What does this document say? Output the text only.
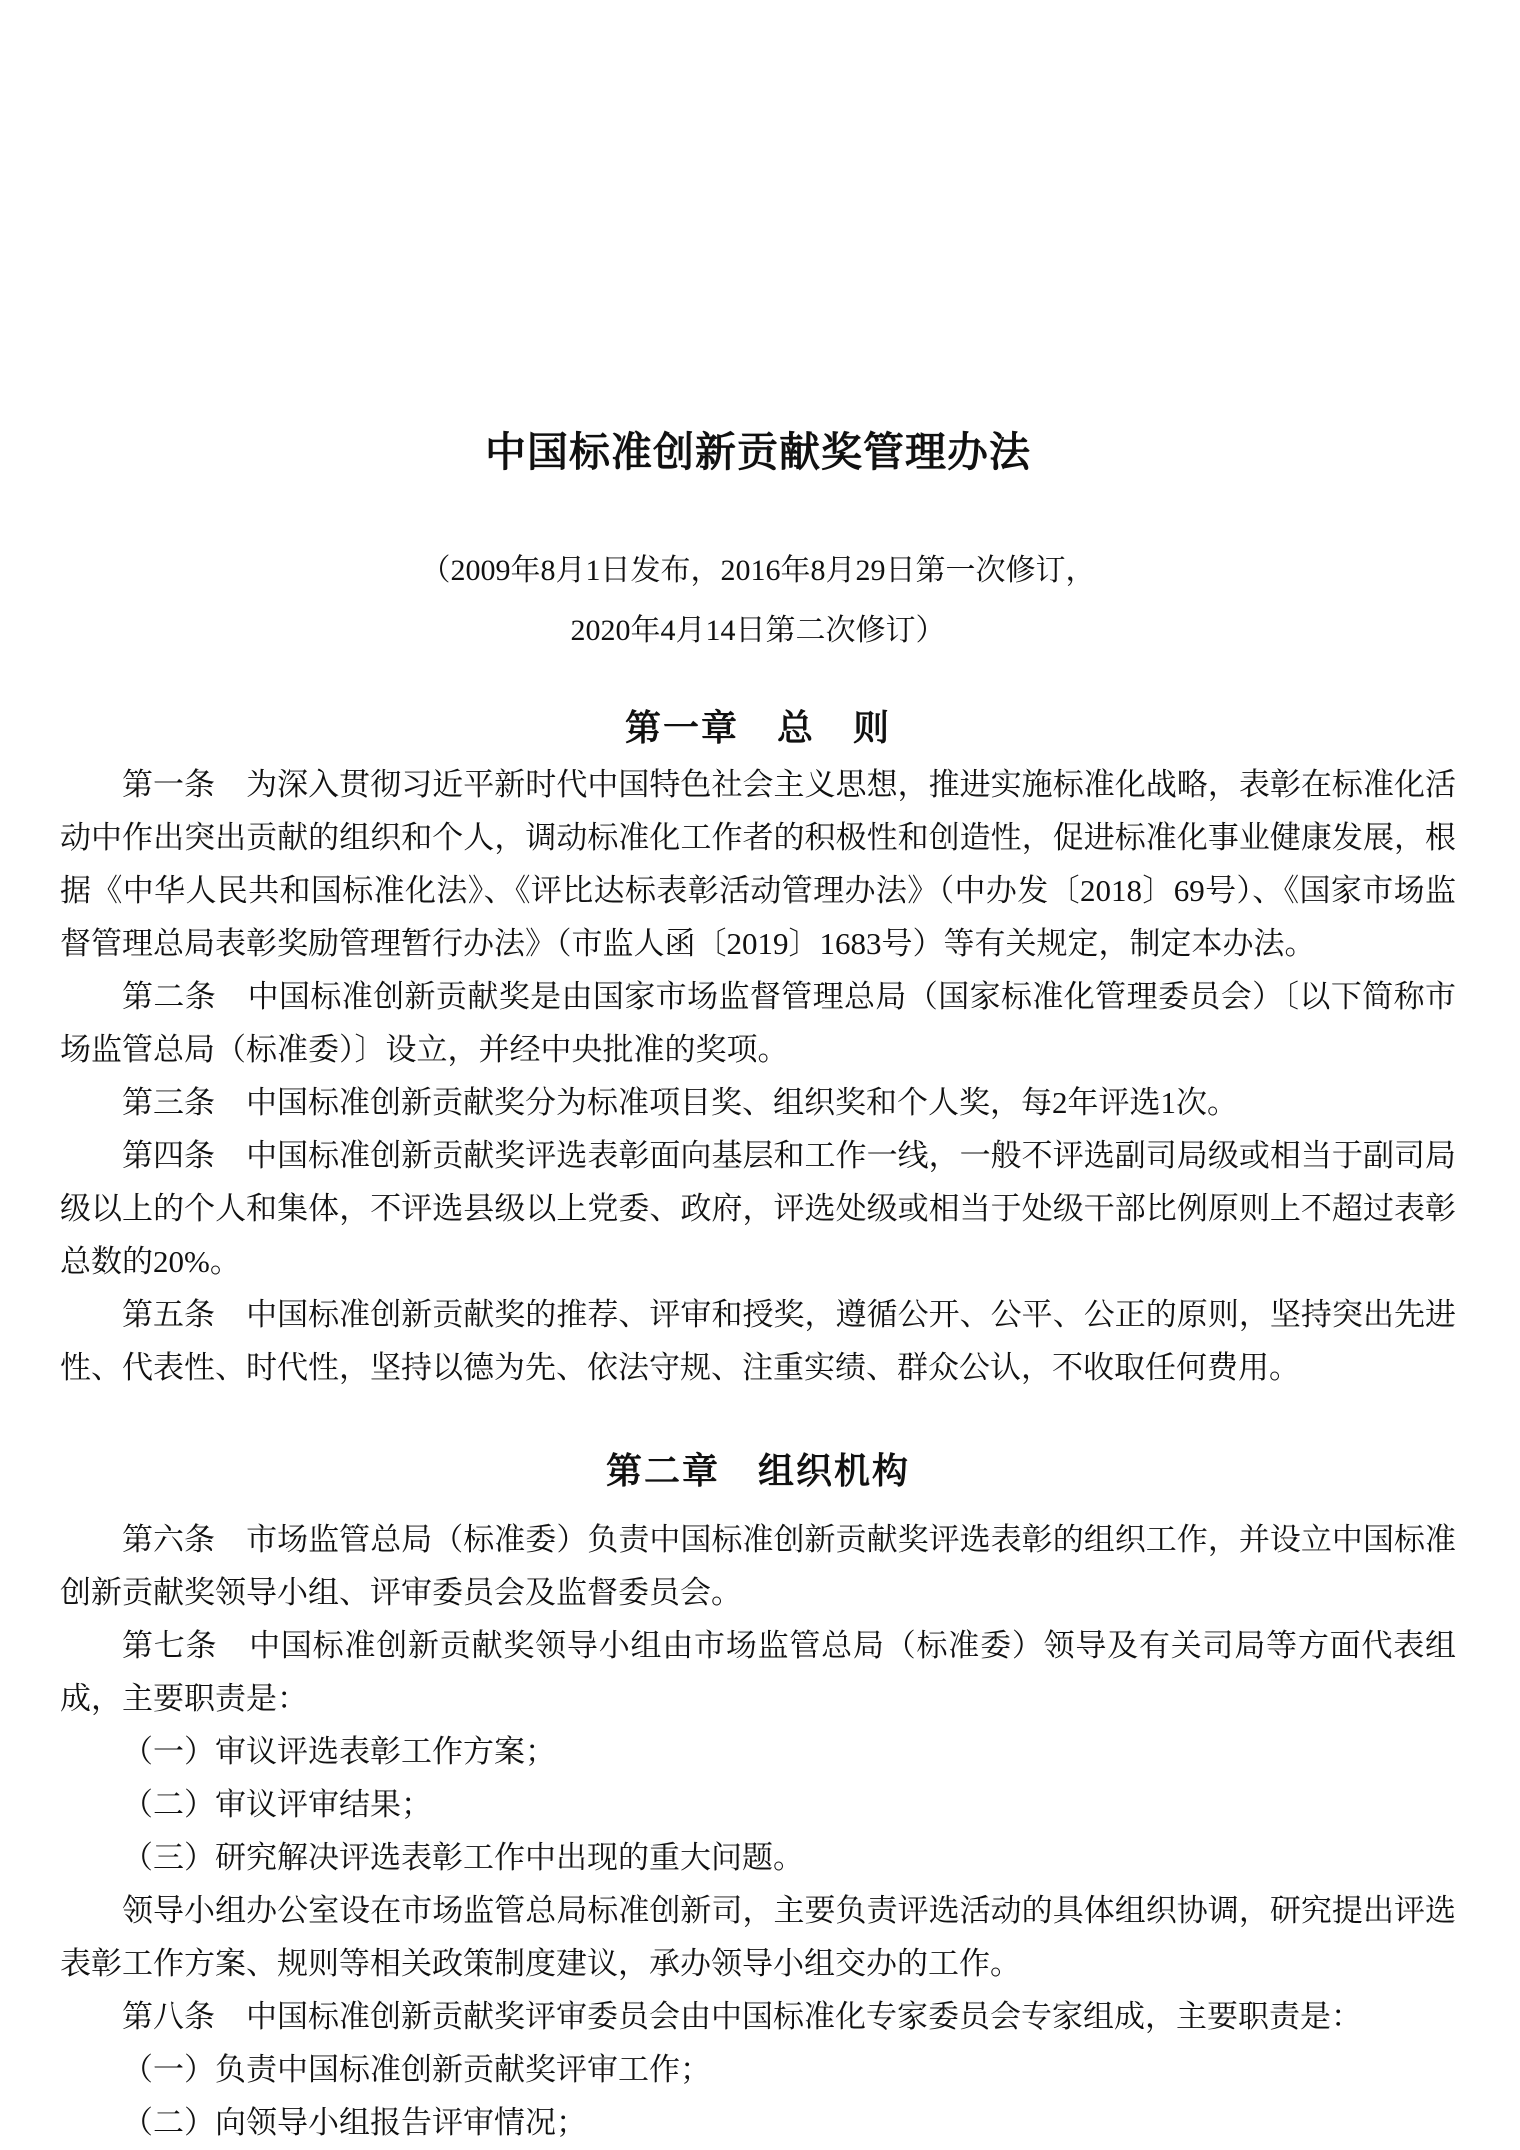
中国标准创新贡献奖管理办法
（2009年8月1日发布，2016年8月29日第一次修订，
2020年4月14日第二次修订）
第一章　总　则

第一条　为深入贯彻习近平新时代中国特色社会主义思想，推进实施标准化战略，表彰在标准化活动中作出突出贡献的组织和个人，调动标准化工作者的积极性和创造性，促进标准化事业健康发展，根据《中华人民共和国标准化法》、《评比达标表彰活动管理办法》（中办发〔2018〕69号）、《国家市场监督管理总局表彰奖励管理暂行办法》（市监人函〔2019〕1683号）等有关规定，制定本办法。

第二条　中国标准创新贡献奖是由国家市场监督管理总局（国家标准化管理委员会）〔以下简称市场监管总局（标准委）〕设立，并经中央批准的奖项。

第三条　中国标准创新贡献奖分为标准项目奖、组织奖和个人奖，每2年评选1次。

第四条　中国标准创新贡献奖评选表彰面向基层和工作一线，一般不评选副司局级或相当于副司局级以上的个人和集体，不评选县级以上党委、政府，评选处级或相当于处级干部比例原则上不超过表彰总数的20%。

第五条　中国标准创新贡献奖的推荐、评审和授奖，遵循公开、公平、公正的原则，坚持突出先进性、代表性、时代性，坚持以德为先、依法守规、注重实绩、群众公认，不收取任何费用。

第二章　组织机构

第六条　市场监管总局（标准委）负责中国标准创新贡献奖评选表彰的组织工作，并设立中国标准创新贡献奖领导小组、评审委员会及监督委员会。

第七条　中国标准创新贡献奖领导小组由市场监管总局（标准委）领导及有关司局等方面代表组成，主要职责是：

（一）审议评选表彰工作方案；

（二）审议评审结果；

（三）研究解决评选表彰工作中出现的重大问题。

领导小组办公室设在市场监管总局标准创新司，主要负责评选活动的具体组织协调，研究提出评选表彰工作方案、规则等相关政策制度建议，承办领导小组交办的工作。

第八条　中国标准创新贡献奖评审委员会由中国标准化专家委员会专家组成，主要职责是：

（一）负责中国标准创新贡献奖评审工作；

（二）向领导小组报告评审情况；
